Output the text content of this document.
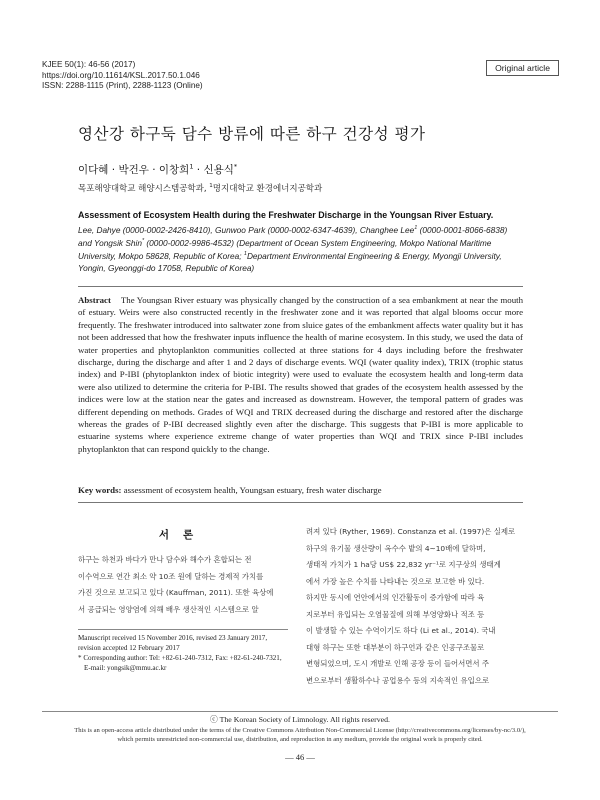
KJEE 50(1): 46-56 (2017)
https://doi.org/10.11614/KSL.2017.50.1.046
ISSN: 2288-1115 (Print), 2288-1123 (Online)
Original article
영산강 하구둑 담수 방류에 따른 하구 건강성 평가
이다혜 · 박건우 · 이창희$^1$ · 신용식*
목포해양대학교 해양시스템공학과, $^1$명지대학교 환경에너지공학과
Assessment of Ecosystem Health during the Freshwater Discharge in the Youngsan River Estuary.
Lee, Dahye (0000-0002-2426-8410), Gunwoo Park (0000-0002-6347-4639), Changhee Lee$^1$ (0000-0001-8066-6838) and Yongsik Shin* (0000-0002-9986-4532) (Department of Ocean System Engineering, Mokpo National Maritime University, Mokpo 58628, Republic of Korea; $^1$Department Environmental Engineering & Energy, Myongji University, Yongin, Gyeonggi-do 17058, Republic of Korea)
Abstract The Youngsan River estuary was physically changed by the construction of a sea embankment at near the mouth of estuary. Weirs were also constructed recently in the freshwater zone and it was reported that algal blooms occur more frequently. The freshwater introduced into saltwater zone from sluice gates of the embankment affects water quality but it has not been addressed that how the freshwater inputs influence the health of marine ecosystem. In this study, we used the data of water properties and phytoplankton communities collected at three stations for 4 days including before the freshwater discharge, during the discharge and after 1 and 2 days of discharge events. WQI (water quality index), TRIX (trophic status index) and P-IBI (phytoplankton index of biotic integrity) were used to evaluate the ecosystem health and long-term data were also utilized to determine the criteria for P-IBI. The results showed that grades of the ecosystem health assessed by the indices were low at the station near the gates and increased as downstream. However, the temporal pattern of grades was different depending on methods. Grades of WQI and TRIX decreased during the discharge and restored after the discharge whereas the grades of P-IBI decreased slightly even after the discharge. This suggests that P-IBI is more applicable to estuarine systems where experience extreme change of water properties than WQI and TRIX since P-IBI includes phytoplankton that can respond quickly to the change.
Key words: assessment of ecosystem health, Youngsan estuary, fresh water discharge
서론
하구는 하천과 바다가 만나 담수와 해수가 혼합되는 전
이수역으로 연간 최소 약 10조 원에 달하는 경제적 가치를
가진 것으로 보고되고 있다 (Kauffman, 2011). 또한 육상에
서 공급되는 영양염에 의해 배우 생산적인 시스템으로 알
려져 있다 (Ryther, 1969). Constanza et al. (1997)은 실제로
하구의 유기물 생산량이 옥수수 밭의 4~10배에 달하며,
생태적 가치가 1 ha당 US$ 22,832 yr⁻¹로 지구상의 생태계
에서 가장 높은 수치를 나타내는 것으로 보고한 바 있다.
하지만 동시에 연안에서의 인간활동이 증가함에 따라 육
지로부터 유입되는 오염물질에 의해 부영양화나 적조 등
이 발생할 수 있는 수역이기도 하다 (Li et al., 2014). 국내
대형 하구는 또한 대부분이 하구언과 같은 인공구조물로
변형되었으며, 도시 개발로 인해 공장 등이 들어서면서 주
변으로부터 생활하수나 공업용수 등의 지속적인 유입으로
Manuscript received 15 November 2016, revised 23 January 2017,
revision accepted 12 February 2017
* Corresponding author: Tel: +82-61-240-7312, Fax: +82-61-240-7321,
E-mail: yongsik@mmu.ac.kr
ⓒ The Korean Society of Limnology. All rights reserved.
This is an open-access article distributed under the terms of the Creative Commons Attribution Non-Commercial License (http://creativecommons.org/licenses/by-nc/3.0/),
which permits unrestricted non-commercial use, distribution, and reproduction in any medium, provide the original work is properly cited.
— 46 —
